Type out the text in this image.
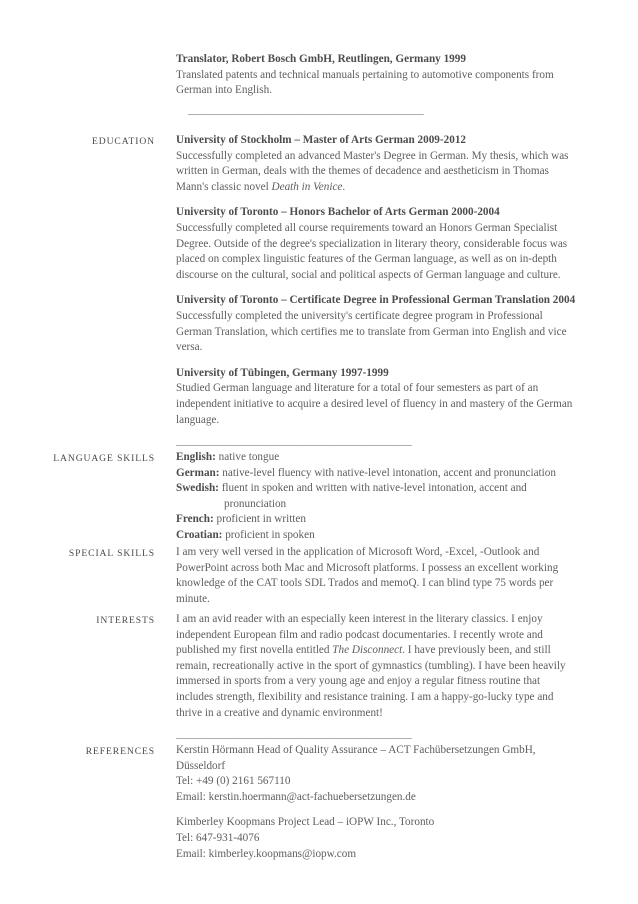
Translator, Robert Bosch GmbH, Reutlingen, Germany 1999
Translated patents and technical manuals pertaining to automotive components from German into English.
——————————————————————
EDUCATION University of Stockholm – Master of Arts German 2009-2012
Successfully completed an advanced Master's Degree in German. My thesis, which was written in German, deals with the themes of decadence and aestheticism in Thomas Mann's classic novel Death in Venice.
University of Toronto – Honors Bachelor of Arts German 2000-2004
Successfully completed all course requirements toward an Honors German Specialist Degree. Outside of the degree's specialization in literary theory, considerable focus was placed on complex linguistic features of the German language, as well as on in-depth discourse on the cultural, social and political aspects of German language and culture.
University of Toronto – Certificate Degree in Professional German Translation 2004
Successfully completed the university's certificate degree program in Professional German Translation, which certifies me to translate from German into English and vice versa.
University of Tübingen, Germany 1997-1999
Studied German language and literature for a total of four semesters as part of an independent initiative to acquire a desired level of fluency in and mastery of the German language.
——————————————————————
LANGUAGE SKILLS English: native tongue
German: native-level fluency with native-level intonation, accent and pronunciation
Swedish: fluent in spoken and written with native-level intonation, accent and
pronunciation
French: proficient in written
Croatian: proficient in spoken
SPECIAL SKILLS I am very well versed in the application of Microsoft Word, -Excel, -Outlook and PowerPoint across both Mac and Microsoft platforms. I possess an excellent working knowledge of the CAT tools SDL Trados and memoQ. I can blind type 75 words per minute.
INTERESTS I am an avid reader with an especially keen interest in the literary classics. I enjoy independent European film and radio podcast documentaries. I recently wrote and published my first novella entitled The Disconnect. I have previously been, and still remain, recreationally active in the sport of gymnastics (tumbling). I have been heavily immersed in sports from a very young age and enjoy a regular fitness routine that includes strength, flexibility and resistance training. I am a happy-go-lucky type and thrive in a creative and dynamic environment!
——————————————————————
REFERENCES Kerstin Hörmann Head of Quality Assurance – ACT Fachübersetzungen GmbH, Düsseldorf
Tel: +49 (0) 2161 567110
Email: kerstin.hoermann@act-fachuebersetzungen.de
Kimberley Koopmans Project Lead – iOPW Inc., Toronto
Tel: 647-931-4076
Email: kimberley.koopmans@iopw.com
